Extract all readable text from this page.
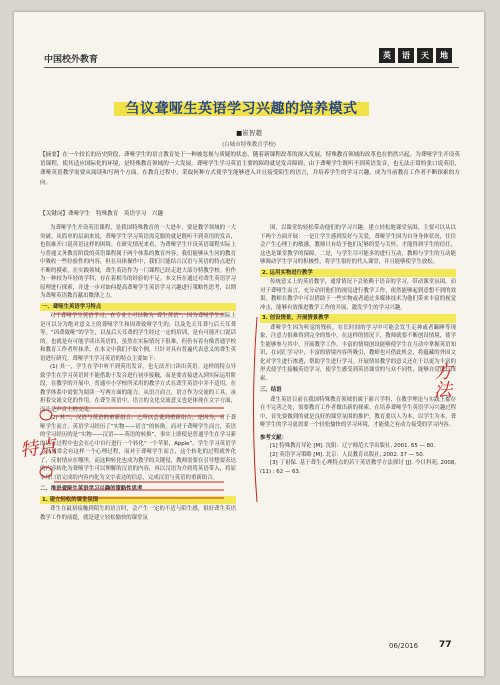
中国校外教育	英	语	天	地
刍议聋哑生英语学习兴趣的培养模式
■崔智超
(白城市特殊教育学校)
【摘要】在一个较长的历史阶段，聋哑学生的语言教育处于一种被忽视与质疑的状态，随着新课程改革的深入发展，特殊教育领域的改革也在悄然兴起。为聋哑学生开设英语课程，使其适应国际化的环境，是特殊教育领域的一大发展。聋哑学生学习英语主要的障碍就是发音障碍，由于聋哑学生既听不到英语发音，也无法正常的张口说英语，聋哑英语教学需要从阅读和写两个方面。在教育过程中，采取何种方式使学生能够进入并且接受陌生的语言，并培养学生的学习兴趣，成为当前教育工作者不断探索的方向。
【关键词】聋哑学生　特殊教育　英语学习　兴趣

为聋哑学生开设英语课程，是我国特殊教育的一大进步，要是教学领域的一大突破。从简单的层面来说，聋哑学生学习英语需克服的就是既听不到英语的发音，也很难开口说英语这样的困境。在研究情况来看，为聋哑学生开设英语课程实际上与普通义务教育阶段的英语课程属于两个体系的教育内容，我们能够从生问的教育中吸收一些经验性的内容，但在具体操作中，我们只能结合汉语与英语的特点进行不断的摸索。在实践领域，聋生英语作为一门课程已经走进大部分特教学校。但作为一种较为年轻的学科，存在着相当的经验的不足。本文旨在通过对聋生英语学习原理进行探索，并进一步对如何提高聋哑学生英语学习兴趣进行策略性思考，以期为聋哑英语教育献出微薄之力。

一、聋哑生英语学习特点

对于聋哑学生英语学习，在专业上可以称为“聋生英语”，因为聋哑学生实际上是可以分为绝对意义上的聋哑学生和因聋致哑学生的，以及先天耳聋与后天耳聋等。“因聋致哑”的学生，以及后天耳聋的学生经过一定的培训，是有可能开口说话的，也就是有可能学读出英语的，虽然在实际情况下很难，但仍有着有像普通学校和教育工作者所抹杀。在本文中我们不取个例，只针对具有普遍代表意义的聋生英语进行研究。聋哑学生学习英语的特点主要如下：

(1) 其一，学生在学中听不到英语发音，也无法开口读出英语。这样的特点导致学生在学习英语时不能借助于发音进行初步接触，而是要直接进入到实际运用阶段，在教学的开展中，普通中小学校所采用的教学方式在聋生英语中并不适用，在教学体系中需要为阅读一写两方面的能力。从语言而言，语言作为交流的工具，承担着交流文化的作用，在聋生英语中，语言的文化交流意义也是体现在文字方面，而不是声音上的交流。

(2) 其二，汉语与英语的重新组合。之所以会说到重新组合，是因为，对于聋哑学生而言，英语学习经历了“实物——语言”的转换，而对于聋哑学生而言，英语的学习经历的是“实物——汉语——英语的转换”，事实上即使是普通学生在学习新的语言过程中也会在心中自行进行一个转化“一个苹果，Apple”。学生学习英语学习时通常会有这样一个心理过程，而对于聋哑学生而言，这个转化的过程就外化了，反射情应在哪里，而这种转化也成为教学的关键侵，教师需要在引导想要表达的内容转化为聋哑学生可以理解的汉语的内容，再以汉语为介质将英语带入，将原本用口语完成的内容内化为文字表达的信息，完成汉语与英语的重新组合。

二、推进聋哑生英语学习兴趣的策略性思考
1. 建立轻松的课堂氛围

聋生在最初接触到陌生的语言时，会产生一定的不适与陌生感，很好聋生英语教学工作的前提，就是建立轻松愉快的课堂氛

围，以课堂的轻松带动他们的学习兴趣。建立轻松地课堂氛围，主要可以从以下两个方面开展：一是让学生感到发好与关爱，聋哑学生因为自身身体状况，往往会产生心理上的敏感，教师只有给予他们足够的爱与关怀，才能得到学生的信任，这也是课堂教学的保障。二是，与学生尽可能多的进行互动，教师与学生的互动能够调动学生学习的积极性，将学生很好的代入课堂，并且能够使学生放松。

2. 运用实物进行教学

传统意义上的英语教学，通常情况下会依赖于语音的学习，带动课堂氛围，而对于聋哑生而言，充分动用他们的视觉进行教学工作，依然能够起到意想不到的效果。教师在教学中可以借助于一些实物或者通过多媒体技术为他们带来丰富的视觉冲击，能够有效推进教学工作的开展，激发学生的学习兴趣。

3. 创设情景，开展情景教学

聋哑学生因为听觉的残疾，在长时间的学习中可能会发生走神或者瞌睡等现象，注意力很难得到完全的集中，在这样的情况下，教师就要不断创设情境，使学生能够参与其中，开展教学工作。丰富的情境创设能够使学生在互动中掌握英语知识，在词汇学习中，丰富的情境内容所吸引，教师也可借此机会，将蕴藏的外国文化对学生进行渗透，帮助学生进行学习。开展情景教学的意义还在于以更为丰富的形式使学生接触英语学习，使学生感受到英语课堂的与众不同性，能够自觉进行探索。

三、结语

聋生英语目前在我国特殊教育领域仍属于新兴学科，在教学理论与实践上都存在不完善之处，需要教育工作者做出新的探索。在培养聋哑学生英语学习兴趣过程中，首先要做到的就是良好的课堂氛围的推护，教育要以人为本，以学生为本，聋哑学生的学习更需要一个轻松愉快的学习环境，才能使之有动力接受的学习内容。

参考文献：

[1] 特殊教育导论 [M]. 沈阳：辽宁师范大学出版社, 2001. 65 — 80.

[2] 英语学习策略 [M]. 北京：人民教育出版社, 2002. 37 — 50.

[3] 丁祖保. 基于聋生心理特点的若干英语教学方法探讨 [J]. 今日科苑, 2008, (11) : 62 — 63.

特点
方法
06/2016 77
